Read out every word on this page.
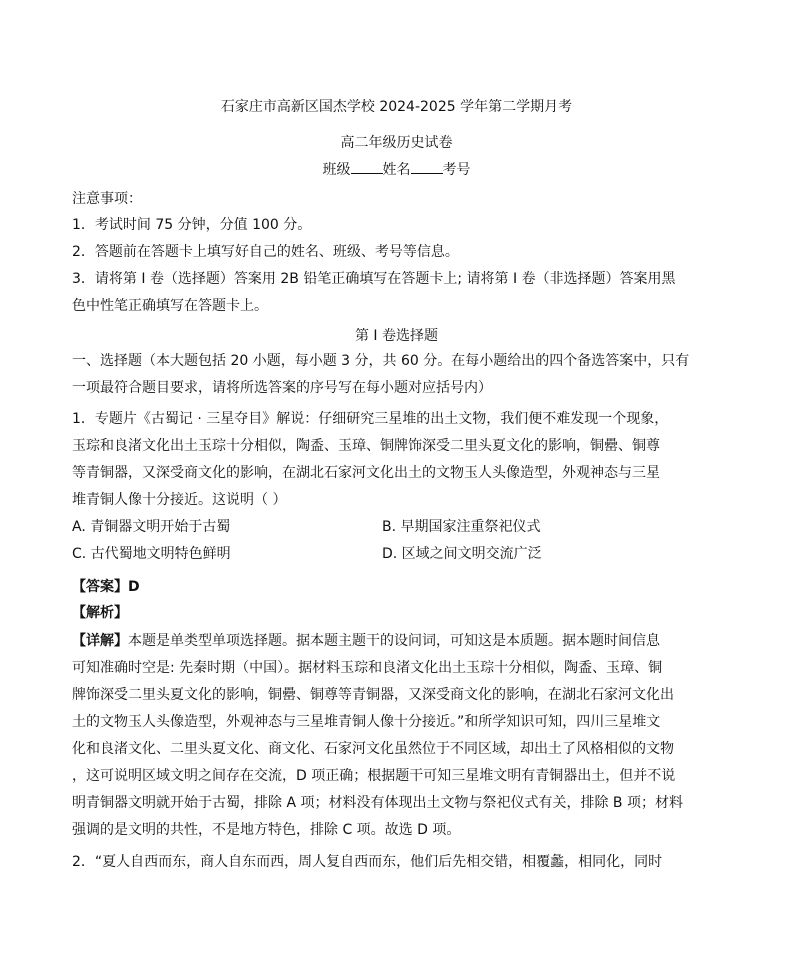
石家庄市高新区国杰学校 2024-2025 学年第二学期月考
高二年级历史试卷
班级 姓名 考号
注意事项：
1．考试时间 75 分钟，分值 100 分。
2．答题前在答题卡上填写好自己的姓名、班级、考号等信息。
3．请将第 I 卷（选择题）答案用 2B 铅笔正确填写在答题卡上; 请将第 I 卷（非选择题）答案用黑
色中性笔正确填写在答题卡上。
第 I 卷选择题
一、选择题（本大题包括 20 小题，每小题 3 分，共 60 分。在每小题给出的四个备选答案中，只有
一项最符合题目要求，请将所选答案的序号写在每小题对应括号内）
1．专题片《古蜀记 · 三星夺目》解说：仔细研究三星堆的出土文物，我们便不难发现一个现象，
玉琮和良渚文化出土玉琮十分相似，陶盉、玉璋、铜牌饰深受二里头夏文化的影响，铜罍、铜尊
等青铜器，又深受商文化的影响，在湖北石家河文化出土的文物玉人头像造型，外观神态与三星
堆青铜人像十分接近。这说明（ ）
A. 青铜器文明开始于古蜀	B. 早期国家注重祭祀仪式
C. 古代蜀地文明特色鲜明	D. 区域之间文明交流广泛
【答案】D
【解析】
【详解】本题是单类型单项选择题。据本题主题干的设问词，可知这是本质题。据本题时间信息
可知准确时空是: 先秦时期（中国）。据材料玉琮和良渚文化出土玉琮十分相似，陶盉、玉璋、铜
牌饰深受二里头夏文化的影响，铜罍、铜尊等青铜器，又深受商文化的影响，在湖北石家河文化出
土的文物玉人头像造型，外观神态与三星堆青铜人像十分接近。”和所学知识可知，四川三星堆文
化和良渚文化、二里头夏文化、商文化、石家河文化虽然位于不同区域，却出土了风格相似的文物
，这可说明区域文明之间存在交流，D 项正确；根据题干可知三星堆文明有青铜器出土，但并不说
明青铜器文明就开始于古蜀，排除 A 项；材料没有体现出土文物与祭祀仪式有关，排除 B 项；材料
强调的是文明的共性，不是地方特色，排除 C 项。故选 D 项。
2．“夏人自西而东，商人自东而西，周人复自西而东，他们后先相交错，相覆蠡，相同化，同时
